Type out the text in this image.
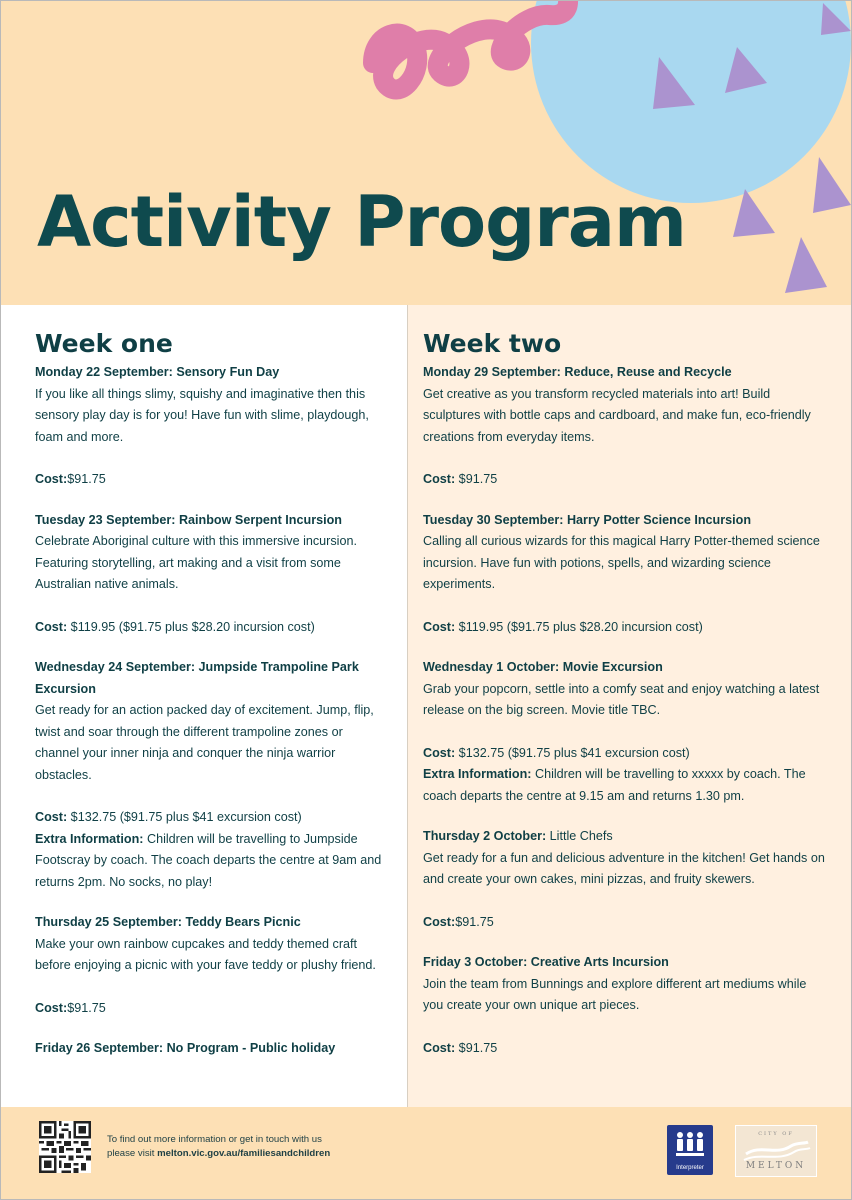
Activity Program
Week one
Monday 22 September: Sensory Fun Day
If you like all things slimy, squishy and imaginative then this sensory play day is for you! Have fun with slime, playdough, foam and more.
Cost:$91.75
Tuesday 23 September: Rainbow Serpent Incursion
Celebrate Aboriginal culture with this immersive incursion. Featuring storytelling, art making and a visit from some Australian native animals.
Cost: $119.95 ($91.75 plus $28.20 incursion cost)
Wednesday 24 September: Jumpside Trampoline Park Excursion
Get ready for an action packed day of excitement. Jump, flip, twist and soar through the different trampoline zones or channel your inner ninja and conquer the ninja warrior obstacles.
Cost: $132.75 ($91.75 plus $41 excursion cost)
Extra Information: Children will be travelling to Jumpside Footscray by coach. The coach departs the centre at 9am and returns 2pm. No socks, no play!
Thursday 25 September: Teddy Bears Picnic
Make your own rainbow cupcakes and teddy themed craft before enjoying a picnic with your fave teddy or plushy friend.
Cost:$91.75
Friday 26 September: No Program - Public holiday
Week two
Monday 29 September: Reduce, Reuse and Recycle
Get creative as you transform recycled materials into art! Build sculptures with bottle caps and cardboard, and make fun, eco-friendly creations from everyday items.
Cost: $91.75
Tuesday 30 September: Harry Potter Science Incursion
Calling all curious wizards for this magical Harry Potter-themed science incursion. Have fun with potions, spells, and wizarding science experiments.
Cost: $119.95 ($91.75 plus $28.20 incursion cost)
Wednesday 1 October: Movie Excursion
Grab your popcorn, settle into a comfy seat and enjoy watching a latest release on the big screen. Movie title TBC.
Cost: $132.75 ($91.75 plus $41 excursion cost)
Extra Information: Children will be travelling to xxxxx by coach. The coach departs the centre at 9.15 am and returns 1.30 pm.
Thursday 2 October: Little Chefs
Get ready for a fun and delicious adventure in the kitchen! Get hands on and create your own cakes, mini pizzas, and fruity skewers.
Cost:$91.75
Friday 3 October: Creative Arts Incursion
Join the team from Bunnings and explore different art mediums while you create your own unique art pieces.
Cost: $91.75
To find out more information or get in touch with us
please visit melton.vic.gov.au/familiesandchildren
Interpreter
CITY OF
MELTON
